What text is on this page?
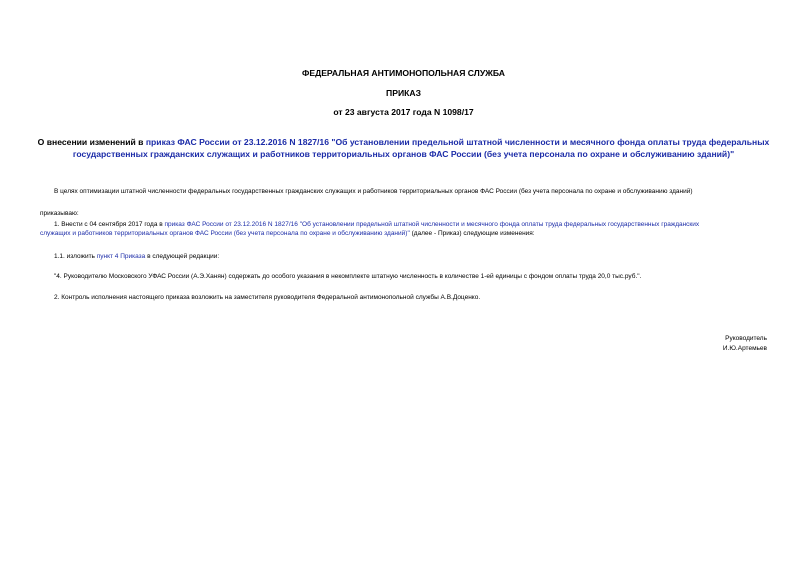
ФЕДЕРАЛЬНАЯ АНТИМОНОПОЛЬНАЯ СЛУЖБА
ПРИКАЗ
от 23 августа 2017 года N 1098/17
О внесении изменений в приказ ФАС России от 23.12.2016 N 1827/16 "Об установлении предельной штатной численности и месячного фонда оплаты труда федеральных государственных гражданских служащих и работников территориальных органов ФАС России (без учета персонала по охране и обслуживанию зданий)"
В целях оптимизации штатной численности федеральных государственных гражданских служащих и работников территориальных органов ФАС России (без учета персонала по охране и обслуживанию зданий)
приказываю:
1. Внести с 04 сентября 2017 года в приказ ФАС России от 23.12.2016 N 1827/16 "Об установлении предельной штатной численности и месячного фонда оплаты труда федеральных государственных гражданских
служащих и работников территориальных органов ФАС России (без учета персонала по охране и обслуживанию зданий)" (далее - Приказ) следующие изменения:
1.1. изложить пункт 4 Приказа в следующей редакции:
"4. Руководителю Московского УФАС России (А.Э.Ханян) содержать до особого указания в некомплекте штатную численность в количестве 1-ей единицы с фондом оплаты труда 20,0 тыс.руб.".
2. Контроль исполнения настоящего приказа возложить на заместителя руководителя Федеральной антимонопольной службы А.В.Доценко.
Руководитель
И.Ю.Артемьев
